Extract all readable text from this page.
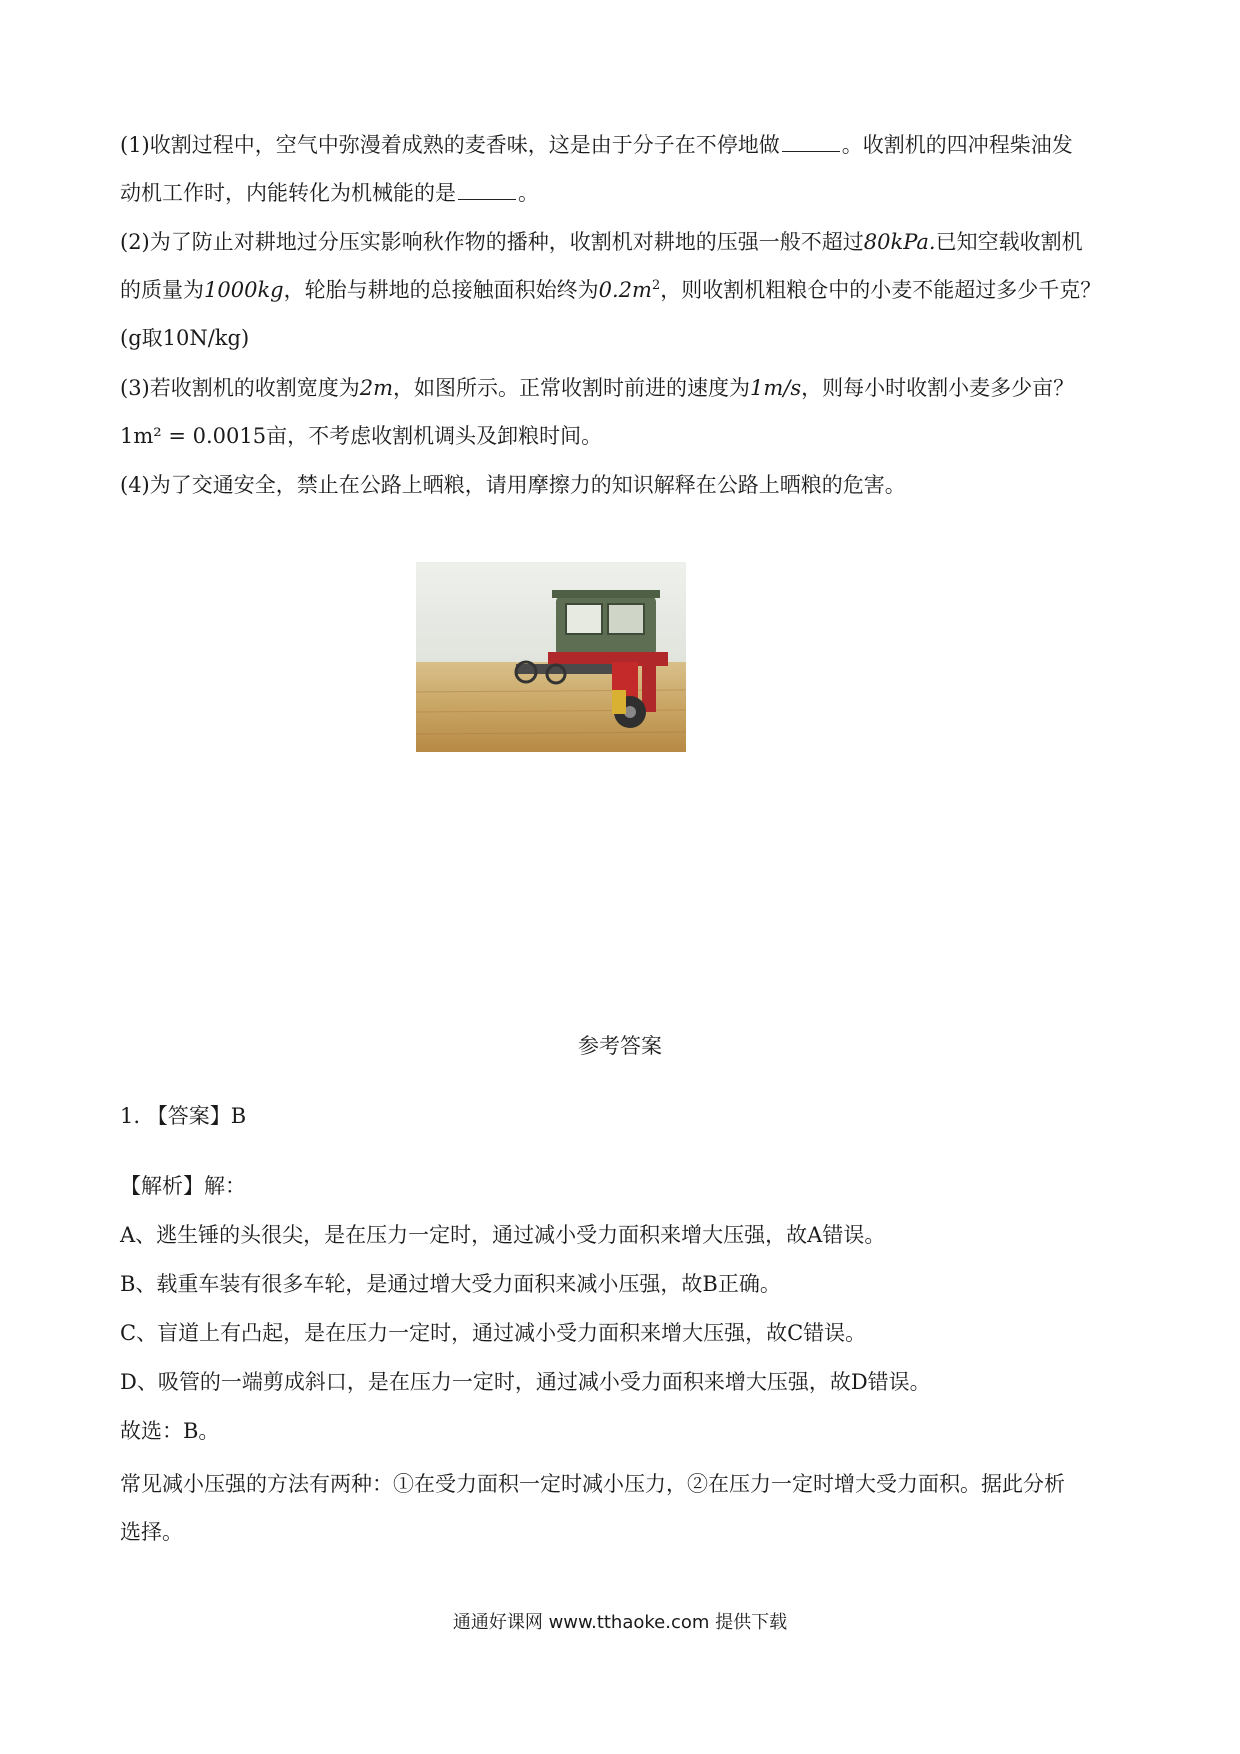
(1)收割过程中，空气中弥漫着成熟的麦香味，这是由于分子在不停地做	。收割机的四冲程柴油发
动机工作时，内能转化为机械能的是	。
(2)为了防止对耕地过分压实影响秋作物的播种，收割机对耕地的压强一般不超过80kPa.已知空载收割机
的质量为1000kg，轮胎与耕地的总接触面积始终为$0.2m^2$，则收割机粗粮仓中的小麦不能超过多少千克？
(g取10N/kg)
(3)若收割机的收割宽度为2m，如图所示。正常收割时前进的速度为1m/s，则每小时收割小麦多少亩？
1m² = 0.0015亩，不考虑收割机调头及卸粮时间。
(4)为了交通安全，禁止在公路上晒粮，请用摩擦力的知识解释在公路上晒粮的危害。
参考答案
1. 【答案】B
【解析】解：
A、逃生锤的头很尖，是在压力一定时，通过减小受力面积来增大压强，故A错误。
B、载重车装有很多车轮，是通过增大受力面积来减小压强，故B正确。
C、盲道上有凸起，是在压力一定时，通过减小受力面积来增大压强，故C错误。
D、吸管的一端剪成斜口，是在压力一定时，通过减小受力面积来增大压强，故D错误。
故选：B。
常见减小压强的方法有两种：①在受力面积一定时减小压力，②在压力一定时增大受力面积。据此分析
选择。
通通好课网 www.tthaoke.com 提供下载
